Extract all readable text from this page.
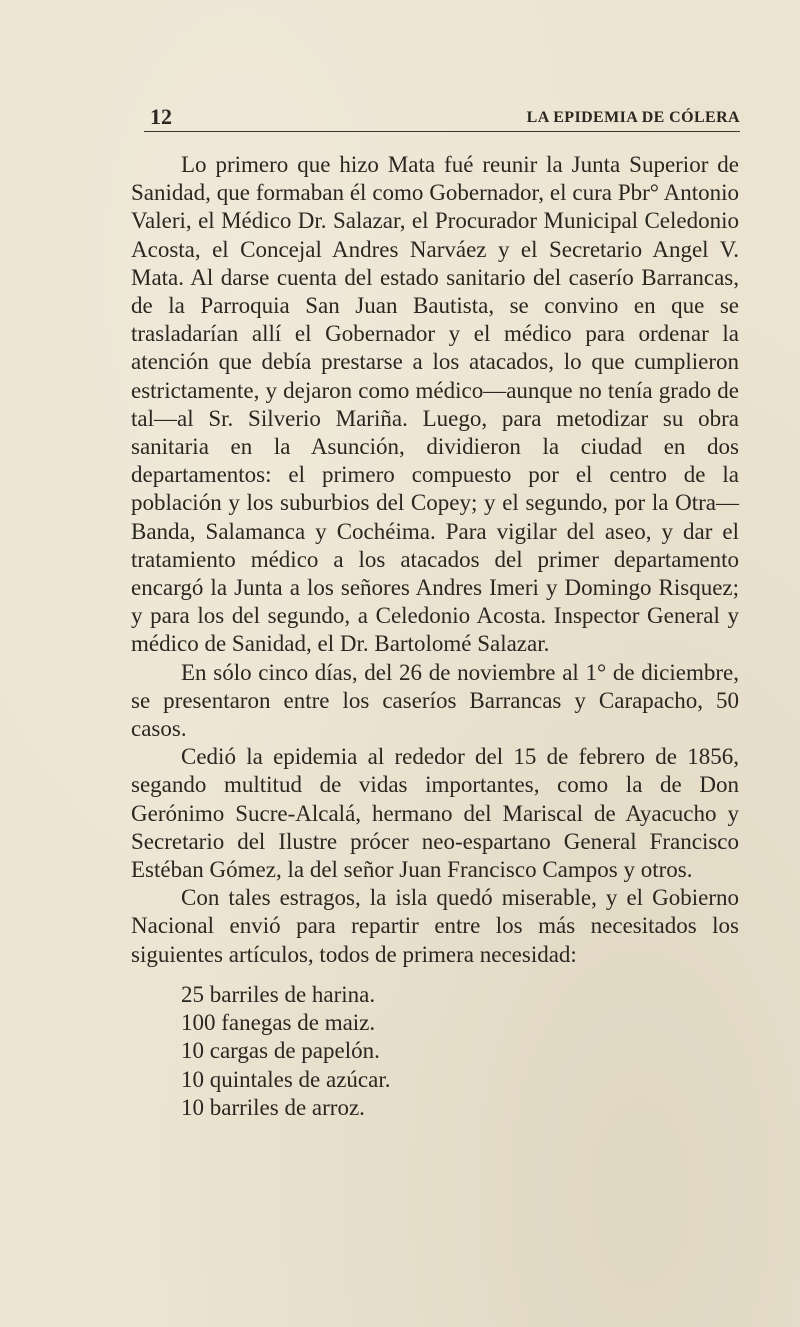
12	LA EPIDEMIA DE CÓLERA

Lo primero que hizo Mata fué reunir la Junta Superior de Sanidad, que formaban él como Gobernador, el cura Pbr° Antonio Valeri, el Médico Dr. Salazar, el Procurador Municipal Celedonio Acosta, el Concejal Andres Narváez y el Secretario Angel V. Mata. Al darse cuenta del estado sanitario del caserío Barrancas, de la Parroquia San Juan Bautista, se convino en que se trasladarían allí el Gobernador y el médico para ordenar la atención que debía prestarse a los atacados, lo que cumplieron estrictamente, y dejaron como médico—aunque no tenía grado de tal—al Sr. Silverio Mariña. Luego, para metodizar su obra sanitaria en la Asunción, dividieron la ciudad en dos departamentos: el primero compuesto por el centro de la población y los suburbios del Copey; y el segundo, por la Otra—Banda, Salamanca y Cochéima. Para vigilar del aseo, y dar el tratamiento médico a los atacados del primer departamento encargó la Junta a los señores Andres Imeri y Domingo Risquez; y para los del segundo, a Celedonio Acosta. Inspector General y médico de Sanidad, el Dr. Bartolomé Salazar.

En sólo cinco días, del 26 de noviembre al 1° de diciembre, se presentaron entre los caseríos Barrancas y Carapacho, 50 casos.

Cedió la epidemia al rededor del 15 de febrero de 1856, segando multitud de vidas importantes, como la de Don Gerónimo Sucre-Alcalá, hermano del Mariscal de Ayacucho y Secretario del Ilustre prócer neo-espartano General Francisco Estéban Gómez, la del señor Juan Francisco Campos y otros.

Con tales estragos, la isla quedó miserable, y el Gobierno Nacional envió para repartir entre los más necesitados los siguientes artículos, todos de primera necesidad:

25 barriles de harina.
100 fanegas de maiz.
10 cargas de papelón.
10 quintales de azúcar.
10 barriles de arroz.
